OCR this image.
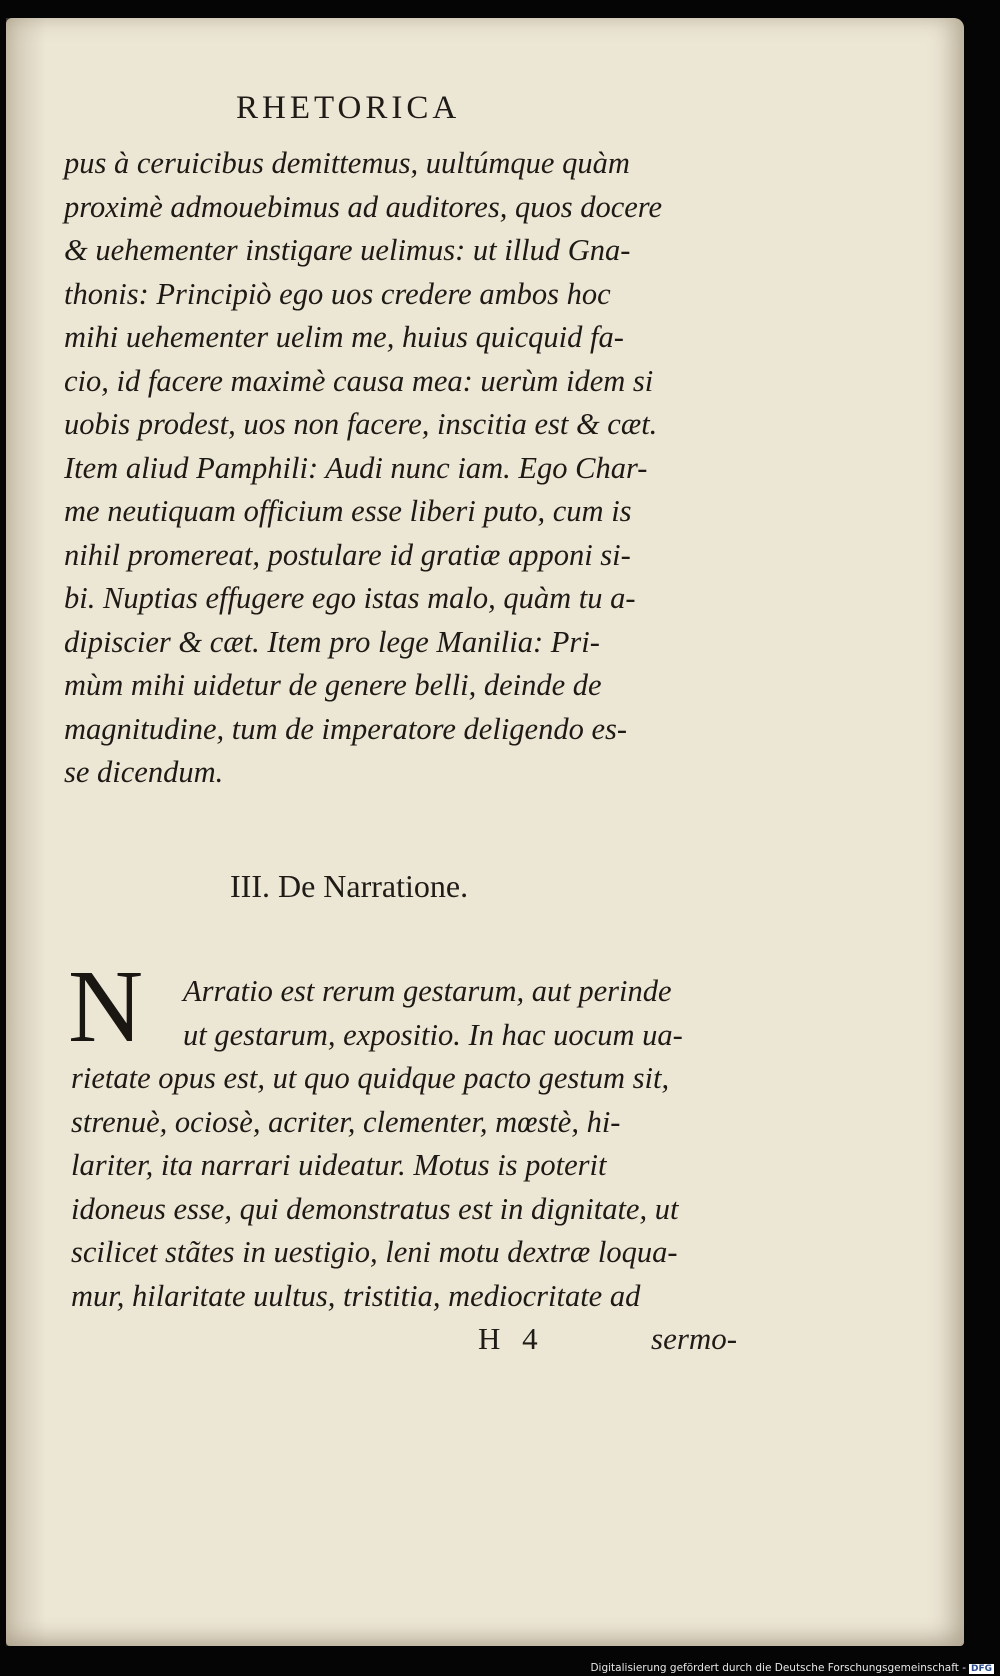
RHETORICA
pus à ceruicibus demittemus, uultúmque quàm
proximè admouebimus ad auditores, quos docere
& uehementer instigare uelimus: ut illud Gna-
thonis: Principiò ego uos credere ambos hoc
mihi uehementer uelim me, huius quicquid fa-
cio, id facere maximè causa mea: uerùm idem si
uobis prodest, uos non facere, inscitia est & cæt.
Item aliud Pamphili: Audi nunc iam. Ego Char-
me neutiquam officium esse liberi puto, cum is
nihil promereat, postulare id gratiæ apponi si-
bi. Nuptias effugere ego istas malo, quàm tu a-
dipiscier & cæt. Item pro lege Manilia: Pri-
mùm mihi uidetur de genere belli, deinde de
magnitudine, tum de imperatore deligendo es-
se dicendum.
III. De Narratione.
N Arratio est rerum gestarum, aut perinde
ut gestarum, expositio. In hac uocum ua-
rietate opus est, ut quo quidque pacto gestum sit,
strenuè, ociosè, acriter, clementer, mœstè, hi-
lariter, ita narrari uideatur. Motus is poterit
idoneus esse, qui demonstratus est in dignitate, ut
scilicet stãtes in uestigio, leni motu dextræ loqua-
mur, hilaritate uultus, tristitia, mediocritate ad
H 4	sermo-
Digitalisierung gefördert durch die Deutsche Forschungsgemeinschaft - DFG
